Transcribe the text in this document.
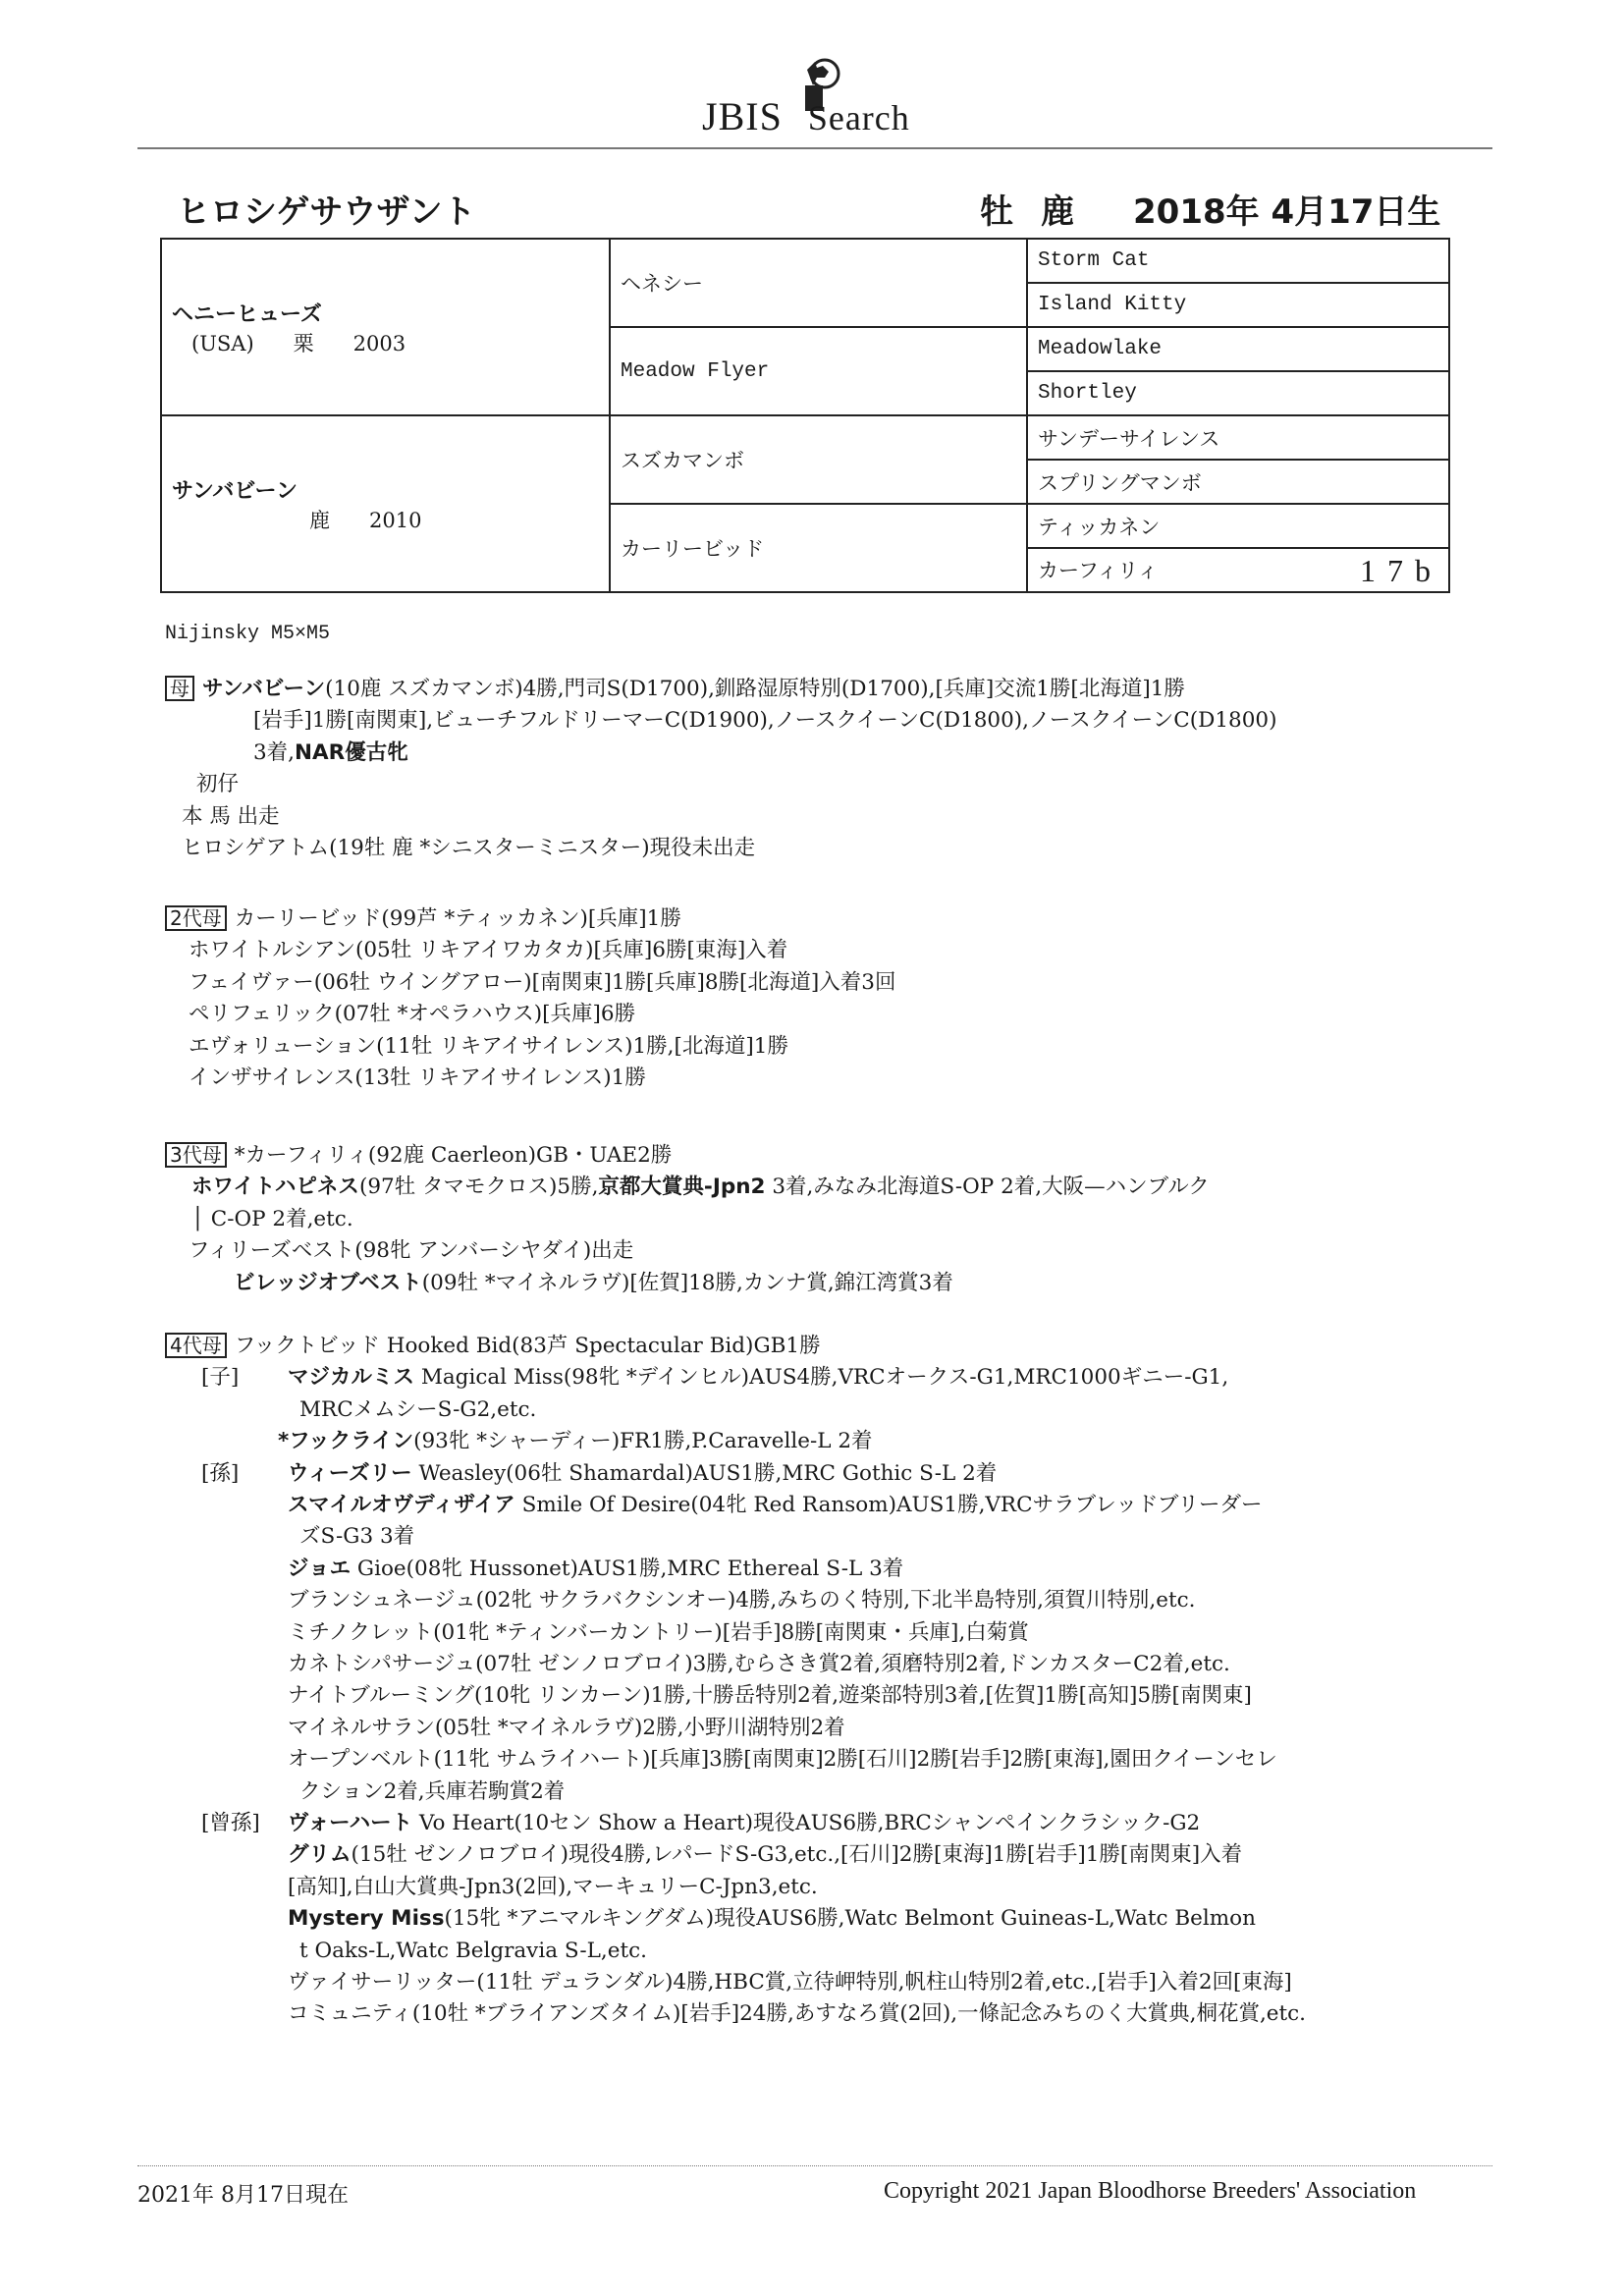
JBIS Search
ヒロシゲサウザント	牡 鹿 2018年 4月17日生
ヘニーヒューズ
(USA) 栗 2003	ヘネシー	Storm Cat
		Island Kitty
	Meadow Flyer	Meadowlake
		Shortley

サンバビーン
鹿 2010	スズカマンボ	サンデーサイレンス
		スプリングマンボ
	カーリービッド	ティッカネン
		カーフィリィ 17b
Nijinsky M5×M5
母 サンバビーン(10鹿 スズカマンボ)4勝,門司S(D1700),釧路湿原特別(D1700),[兵庫]交流1勝[北海道]1勝
[岩手]1勝[南関東],ビューチフルドリーマーC(D1900),ノースクイーンC(D1800),ノースクイーンC(D1800)
3着,NAR優古牝
初仔
本 馬 出走
ヒロシゲアトム(19牡 鹿 *シニスターミニスター)現役未出走
2代母 カーリービッド(99芦 *ティッカネン)[兵庫]1勝
ホワイトルシアン(05牡 リキアイワカタカ)[兵庫]6勝[東海]入着
フェイヴァー(06牡 ウイングアロー)[南関東]1勝[兵庫]8勝[北海道]入着3回
ペリフェリック(07牡 *オペラハウス)[兵庫]6勝
エヴォリューション(11牡 リキアイサイレンス)1勝,[北海道]1勝
インザサイレンス(13牡 リキアイサイレンス)1勝
3代母 *カーフィリィ(92鹿 Caerleon)GB・UAE2勝
ホワイトハピネス(97牡 タマモクロス)5勝,京都大賞典-Jpn2 3着,みなみ北海道S-OP 2着,大阪—ハンブルク
│ C-OP 2着,etc.
フィリーズベスト(98牝 アンバーシヤダイ)出走
ビレッジオブベスト(09牡 *マイネルラヴ)[佐賀]18勝,カンナ賞,錦江湾賞3着
4代母 フックトビッド Hooked Bid(83芦 Spectacular Bid)GB1勝
[子] マジカルミス Magical Miss(98牝 *デインヒル)AUS4勝,VRCオークス-G1,MRC1000ギニー-G1,
MRCメムシーS-G2,etc.
*フックライン(93牝 *シャーディー)FR1勝,P.Caravelle-L 2着
[孫] ウィーズリー Weasley(06牡 Shamardal)AUS1勝,MRC Gothic S-L 2着
スマイルオヴディザイア Smile Of Desire(04牝 Red Ransom)AUS1勝,VRCサラブレッドブリーダー
ズS-G3 3着
ジョエ Gioe(08牝 Hussonet)AUS1勝,MRC Ethereal S-L 3着
ブランシュネージュ(02牝 サクラバクシンオー)4勝,みちのく特別,下北半島特別,須賀川特別,etc.
ミチノクレット(01牝 *ティンバーカントリー)[岩手]8勝[南関東・兵庫],白菊賞
カネトシパサージュ(07牡 ゼンノロブロイ)3勝,むらさき賞2着,須磨特別2着,ドンカスターC2着,etc.
ナイトブルーミング(10牝 リンカーン)1勝,十勝岳特別2着,遊楽部特別3着,[佐賀]1勝[高知]5勝[南関東]
マイネルサラン(05牡 *マイネルラヴ)2勝,小野川湖特別2着
オープンベルト(11牝 サムライハート)[兵庫]3勝[南関東]2勝[石川]2勝[岩手]2勝[東海],園田クイーンセレ
クション2着,兵庫若駒賞2着
[曾孫] ヴォーハート Vo Heart(10セン Show a Heart)現役AUS6勝,BRCシャンペインクラシック-G2
グリム(15牡 ゼンノロブロイ)現役4勝,レパードS-G3,etc.,[石川]2勝[東海]1勝[岩手]1勝[南関東]入着
[高知],白山大賞典-Jpn3(2回),マーキュリーC-Jpn3,etc.
Mystery Miss(15牝 *アニマルキングダム)現役AUS6勝,Watc Belmont Guineas-L,Watc Belmon
t Oaks-L,Watc Belgravia S-L,etc.
ヴァイサーリッター(11牡 デュランダル)4勝,HBC賞,立待岬特別,帆柱山特別2着,etc.,[岩手]入着2回[東海]
コミュニティ(10牡 *ブライアンズタイム)[岩手]24勝,あすなろ賞(2回),一條記念みちのく大賞典,桐花賞,etc.
2021年 8月17日現在	Copyright 2021 Japan Bloodhorse Breeders' Association
